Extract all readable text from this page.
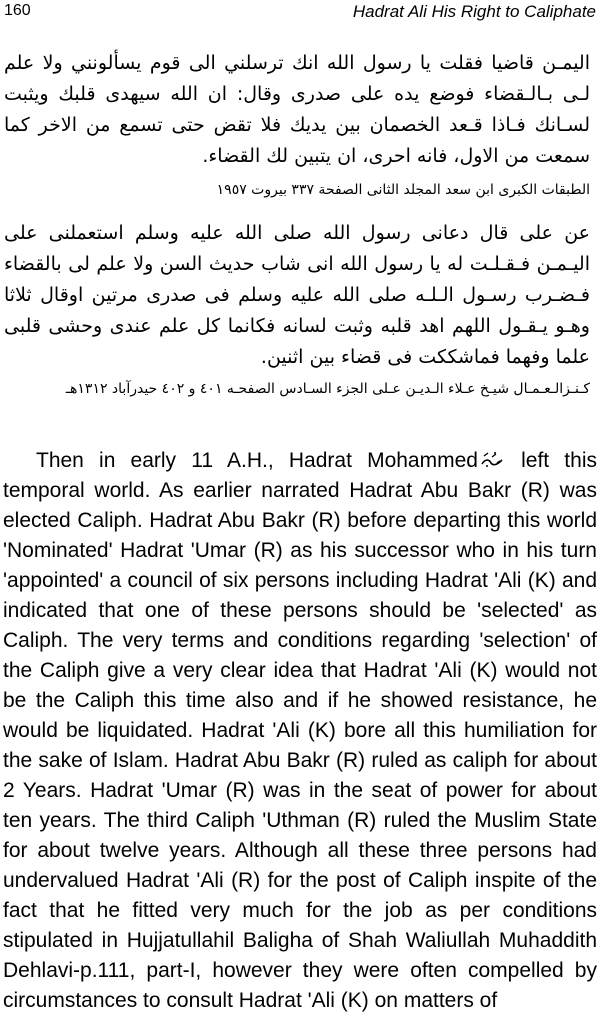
160	Hadrat Ali His Right to Caliphate
اليمـن قاضيا فقلت يا رسول الله انك ترسلني الى قوم يسألونني ولا علم لـى بـالـقضاء فوضع يده على صدرى وقال: ان الله سيهدى قلبك ويثبت لسـانك فـاذا قـعد الخصمان بين يديك فلا تقض حتى تسمع من الاخر كما سمعت من الاول، فانه احرى، ان يتبين لك القضاء.
الطبقات الكبرى ابن سعد المجلد الثانى الصفحة ٣٣٧ بيروت ١٩٥٧
عن على قال دعانى رسول الله صلى الله عليه وسلم استعملنى على اليـمـن فـقـلـت له يا رسول الله انى شاب حديث السن ولا علم لى بالقضاء فـضـرب رسـول الـلـه صلى الله عليه وسلم فى صدرى مرتين اوقال ثلاثا وهـو يـقـول اللهم اهد قلبه وثبت لسانه فكانما كل علم عندى وحشى قلبى علما وفهما فماشككت فى قضاء بين اثنين.
كـنـزالـعـمـال شيـخ عـلاء الـديـن عـلى الجزء السـادس الصفحـه ٤٠١ و ٤٠٢ حيدرآباد ١٣١٢هـ

Then in early 11 A.H., Hadrat Mohammed left this temporal world. As earlier narrated Hadrat Abu Bakr (R) was elected Caliph. Hadrat Abu Bakr (R) before departing this world 'Nominated' Hadrat 'Umar (R) as his successor who in his turn 'appointed' a council of six persons including Hadrat 'Ali (K) and indicated that one of these persons should be 'selected' as Caliph. The very terms and conditions regarding 'selection' of the Caliph give a very clear idea that Hadrat 'Ali (K) would not be the Caliph this time also and if he showed resistance, he would be liquidated. Hadrat 'Ali (K) bore all this humiliation for the sake of Islam. Hadrat Abu Bakr (R) ruled as caliph for about 2 Years. Hadrat 'Umar (R) was in the seat of power for about ten years. The third Caliph 'Uthman (R) ruled the Muslim State for about twelve years. Although all these three persons had undervalued Hadrat 'Ali (R) for the post of Caliph inspite of the fact that he fitted very much for the job as per conditions stipulated in Hujjatullahil Baligha of Shah Waliullah Muhaddith Dehlavi-p.111, part-I, however they were often compelled by circumstances to consult Hadrat 'Ali (K) on matters of
